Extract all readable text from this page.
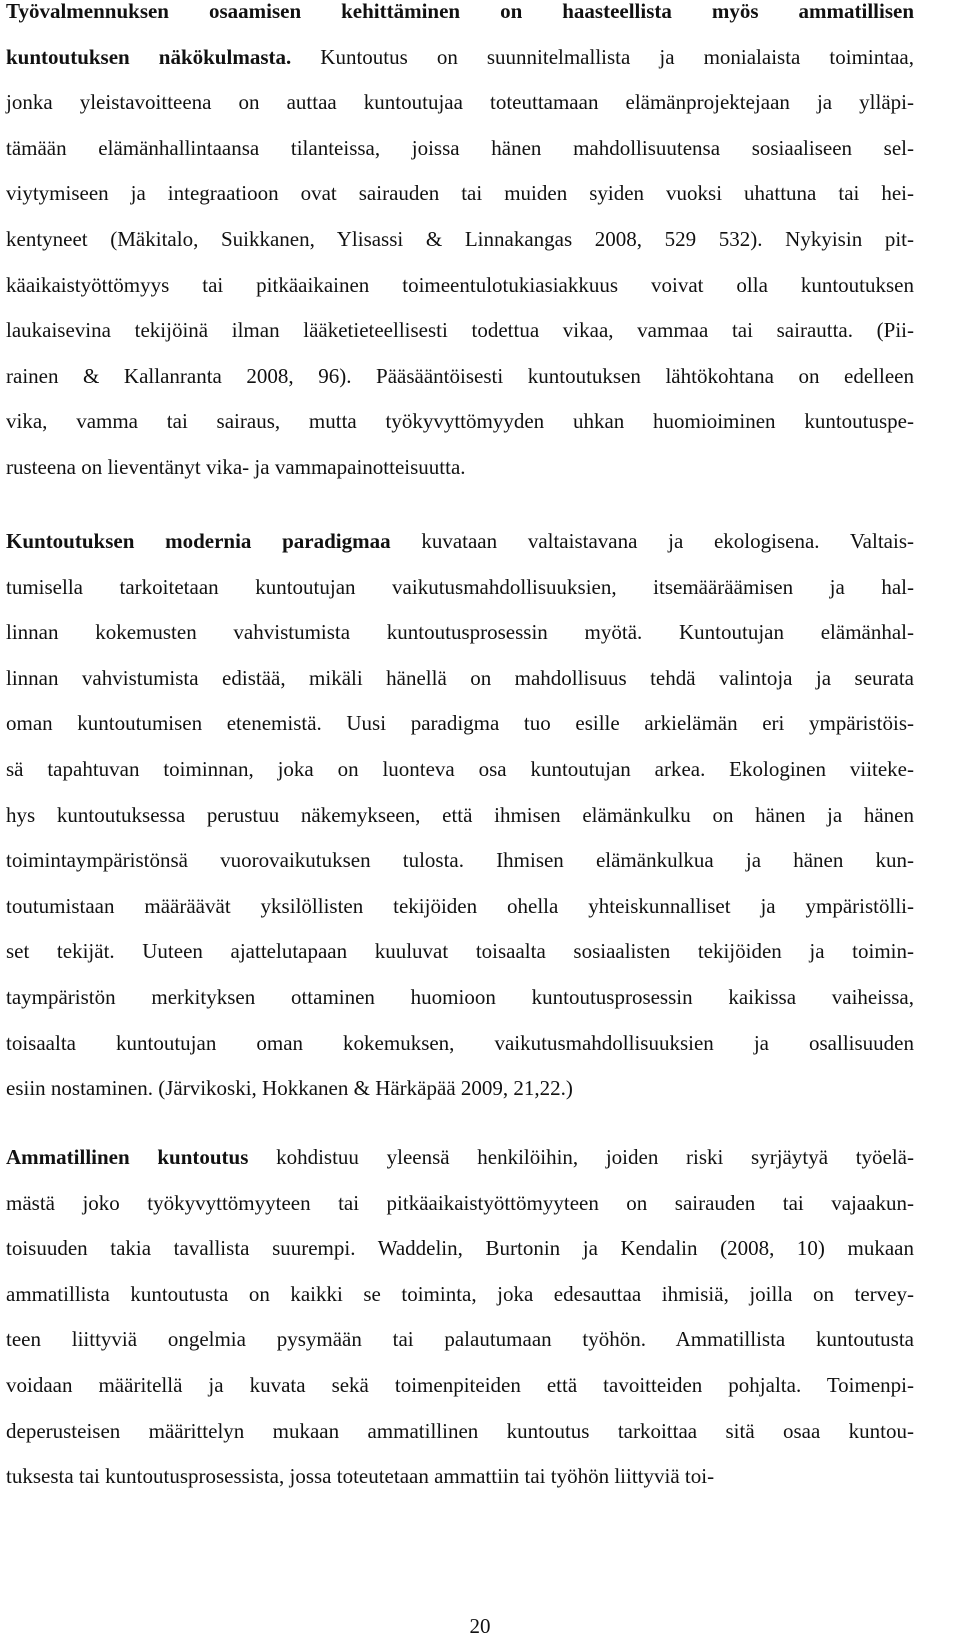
Työvalmennuksen osaamisen kehittäminen on haasteellista myös ammatillisen
kuntoutuksen näkökulmasta. Kuntoutus on suunnitelmallista ja monialaista toimintaa,
jonka yleistavoitteena on auttaa kuntoutujaa toteuttamaan elämänprojektejaan ja ylläpi-
tämään elämänhallintaansa tilanteissa, joissa hänen mahdollisuutensa sosiaaliseen sel-
viytymiseen ja integraatioon ovat sairauden tai muiden syiden vuoksi uhattuna tai hei-
kentyneet (Mäkitalo, Suikkanen, Ylisassi & Linnakangas 2008, 529 532). Nykyisin pit-
käaikaistyöttömyys tai pitkäaikainen toimeentulotukiasiakkuus voivat olla kuntoutuksen
laukaisevina tekijöinä ilman lääketieteellisesti todettua vikaa, vammaa tai sairautta. (Pii-
rainen & Kallanranta 2008, 96). Pääsääntöisesti kuntoutuksen lähtökohtana on edelleen
vika, vamma tai sairaus, mutta työkyvyttömyyden uhkan huomioiminen kuntoutuspe-
rusteena on lieventänyt vika- ja vammapainotteisuutta.
Kuntoutuksen modernia paradigmaa kuvataan valtaistavana ja ekologisena. Valtais-
tumisella tarkoitetaan kuntoutujan vaikutusmahdollisuuksien, itsemääräämisen ja hal-
linnan kokemusten vahvistumista kuntoutusprosessin myötä. Kuntoutujan elämänhal-
linnan vahvistumista edistää, mikäli hänellä on mahdollisuus tehdä valintoja ja seurata
oman kuntoutumisen etenemistä. Uusi paradigma tuo esille arkielämän eri ympäristöis-
sä tapahtuvan toiminnan, joka on luonteva osa kuntoutujan arkea. Ekologinen viiteke-
hys kuntoutuksessa perustuu näkemykseen, että ihmisen elämänkulku on hänen ja hänen
toimintaympäristönsä vuorovaikutuksen tulosta. Ihmisen elämänkulkua ja hänen kun-
toutumistaan määräävät yksilöllisten tekijöiden ohella yhteiskunnalliset ja ympäristölli-
set tekijät. Uuteen ajattelutapaan kuuluvat toisaalta sosiaalisten tekijöiden ja toimin-
taympäristön merkityksen ottaminen huomioon kuntoutusprosessin kaikissa vaiheissa,
toisaalta kuntoutujan oman kokemuksen, vaikutusmahdollisuuksien ja osallisuuden
esiin nostaminen. (Järvikoski, Hokkanen & Härkäpää 2009, 21,22.)
Ammatillinen kuntoutus kohdistuu yleensä henkilöihin, joiden riski syrjäytyä työelä-
mästä joko työkyvyttömyyteen tai pitkäaikaistyöttömyyteen on sairauden tai vajaakun-
toisuuden takia tavallista suurempi. Waddelin, Burtonin ja Kendalin (2008, 10) mukaan
ammatillista kuntoutusta on kaikki se toiminta, joka edesauttaa ihmisiä, joilla on tervey-
teen liittyviä ongelmia pysymään tai palautumaan työhön. Ammatillista kuntoutusta
voidaan määritellä ja kuvata sekä toimenpiteiden että tavoitteiden pohjalta. Toimenpi-
deperusteisen määrittelyn mukaan ammatillinen kuntoutus tarkoittaa sitä osaa kuntou-
tuksesta tai kuntoutusprosessista, jossa toteutetaan ammattiin tai työhön liittyviä toi-
20
